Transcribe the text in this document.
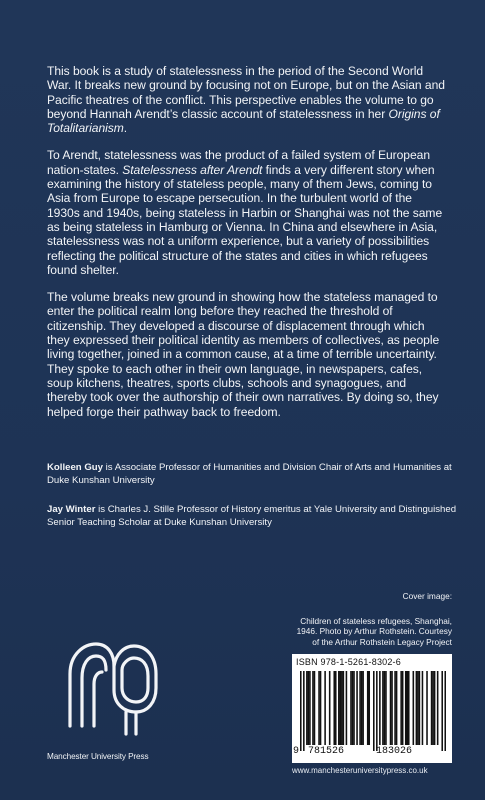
This book is a study of statelessness in the period of the Second World War. It breaks new ground by focusing not on Europe, but on the Asian and Pacific theatres of the conflict. This perspective enables the volume to go beyond Hannah Arendt’s classic account of statelessness in her Origins of Totalitarianism.

To Arendt, statelessness was the product of a failed system of European nation-states. Statelessness after Arendt finds a very different story when examining the history of stateless people, many of them Jews, coming to Asia from Europe to escape persecution. In the turbulent world of the 1930s and 1940s, being stateless in Harbin or Shanghai was not the same as being stateless in Hamburg or Vienna. In China and elsewhere in Asia, statelessness was not a uniform experience, but a variety of possibilities reflecting the political structure of the states and cities in which refugees found shelter.

The volume breaks new ground in showing how the stateless managed to enter the political realm long before they reached the threshold of citizenship. They developed a discourse of displacement through which they expressed their political identity as members of collectives, as people living together, joined in a common cause, at a time of terrible uncertainty. They spoke to each other in their own language, in newspapers, cafes, soup kitchens, theatres, sports clubs, schools and synagogues, and thereby took over the authorship of their own narratives. By doing so, they helped forge their pathway back to freedom.

Kolleen Guy is Associate Professor of Humanities and Division Chair of Arts and Humanities at Duke Kunshan University
Jay Winter is Charles J. Stille Professor of History emeritus at Yale University and Distinguished Senior Teaching Scholar at Duke Kunshan University
Cover image:
Children of stateless refugees, Shanghai,
1946. Photo by Arthur Rothstein. Courtesy
of the Arthur Rothstein Legacy Project
Manchester University Press
ISBN 978-1-5261-8302-6
9 781526	183026
www.manchesteruniversitypress.co.uk
